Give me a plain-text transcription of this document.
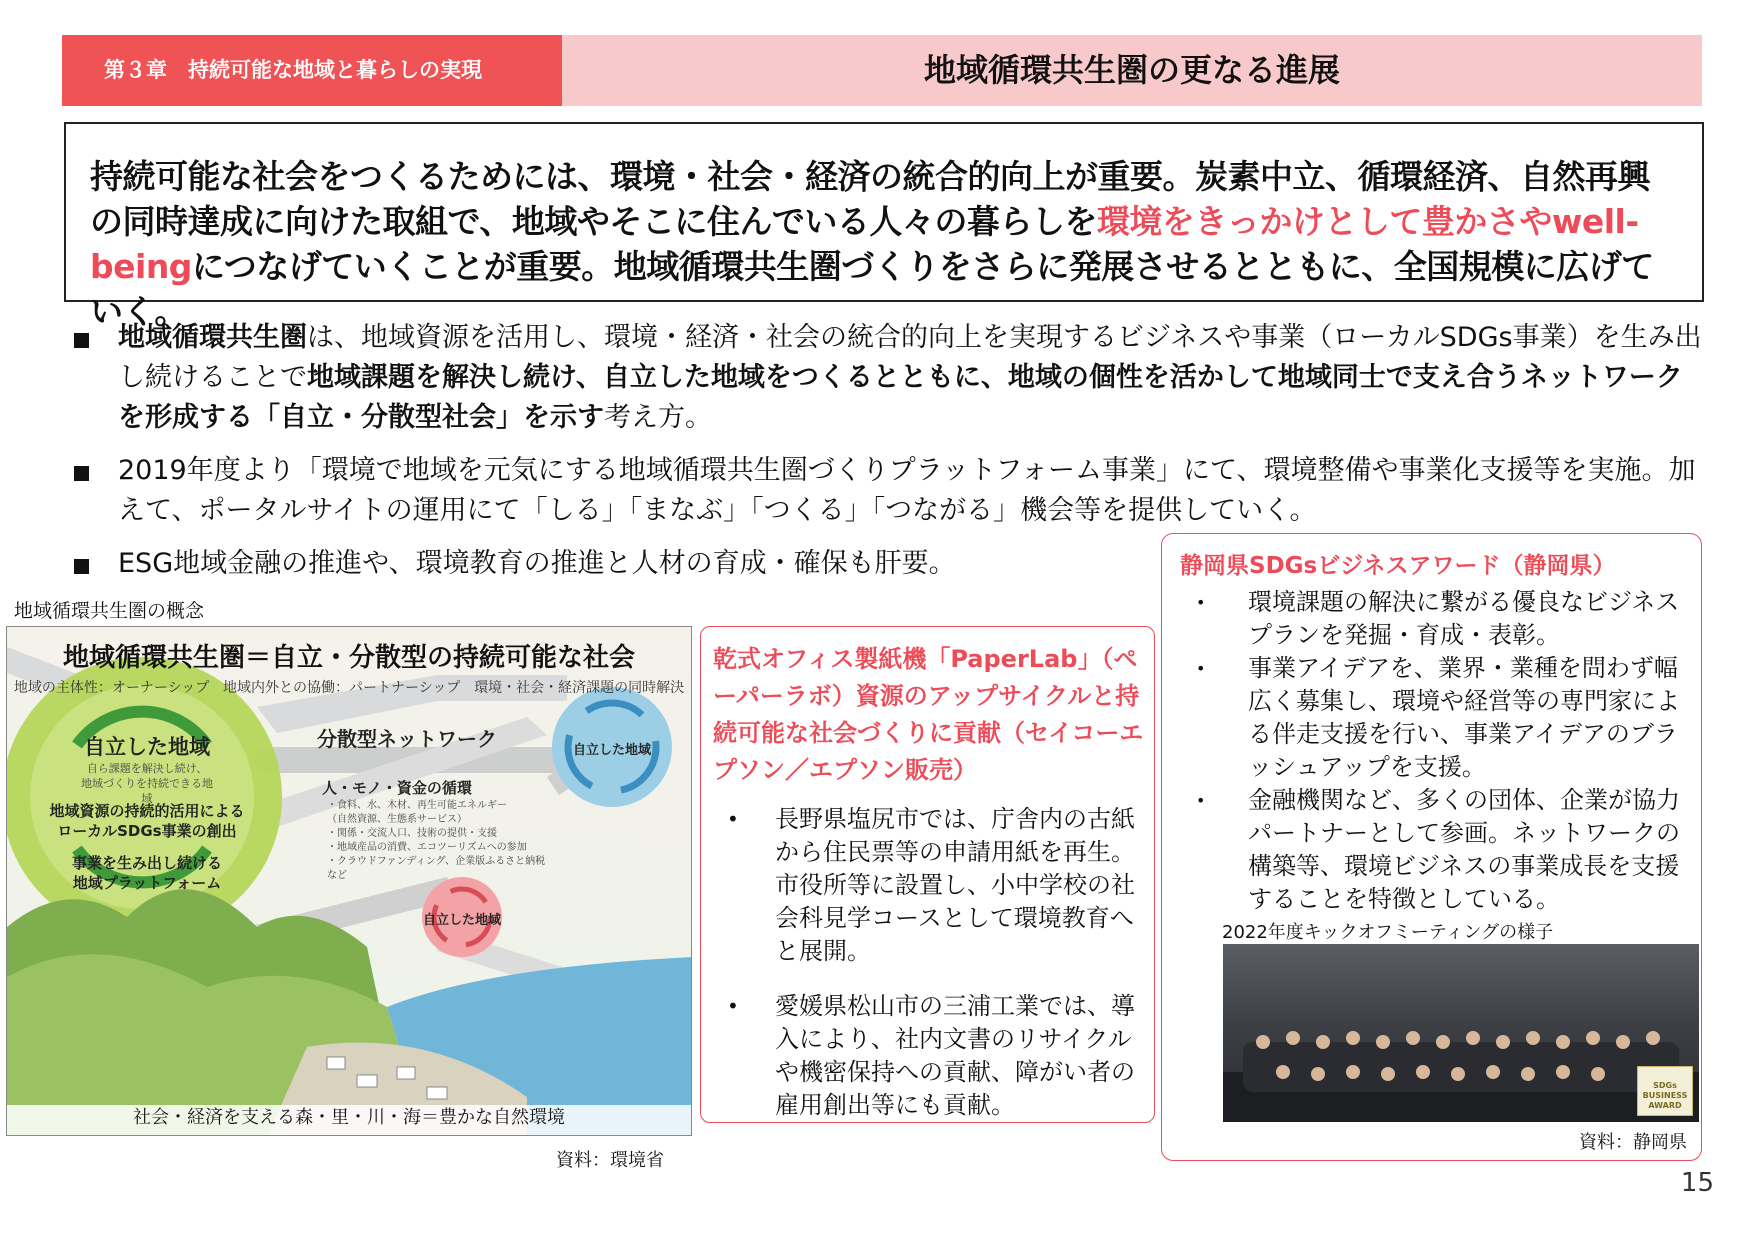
第３章　持続可能な地域と暮らしの実現	地域循環共生圏の更なる進展
持続可能な社会をつくるためには、環境・社会・経済の統合的向上が重要。炭素中立、循環経済、自然再興の同時達成に向けた取組で、地域やそこに住んでいる人々の暮らしを環境をきっかけとして豊かさやwell-beingにつなげていくことが重要。地域循環共生圏づくりをさらに発展させるとともに、全国規模に広げていく。
地域循環共生圏は、地域資源を活用し、環境・経済・社会の統合的向上を実現するビジネスや事業（ローカルSDGs事業）を生み出し続けることで地域課題を解決し続け、自立した地域をつくるとともに、地域の個性を活かして地域同士で支え合うネットワークを形成する「自立・分散型社会」を示す考え方。
2019年度より「環境で地域を元気にする地域循環共生圏づくりプラットフォーム事業」にて、環境整備や事業化支援等を実施。加えて、ポータルサイトの運用にて「しる」「まなぶ」「つくる」「つながる」機会等を提供していく。
ESG地域金融の推進や、環境教育の推進と人材の育成・確保も肝要。
地域循環共生圏の概念
地域循環共生圏＝自立・分散型の持続可能な社会
地域の主体性：オーナーシップ 地域内外との協働：パートナーシップ 環境・社会・経済課題の同時解決
自立した地域
自ら課題を解決し続け、
地域づくりを持続できる地域
地域資源の持続的活用による
ローカルSDGs事業の創出
事業を生み出し続ける
地域プラットフォーム
分散型ネットワーク
人・モノ・資金の循環
・食料、水、木材、再生可能エネルギー
（自然資源、生態系サービス）
・関係・交流人口、技術の提供・支援
・地域産品の消費、エコツーリズムへの参加
・クラウドファンディング、企業版ふるさと納税　など
自立した地域
自立した地域
社会・経済を支える森・里・川・海＝豊かな自然環境
資料：環境省
乾式オフィス製紙機「PaperLab」（ペーパーラボ）資源のアップサイクルと持続可能な社会づくりに貢献（セイコーエプソン／エプソン販売）
• 長野県塩尻市では、庁舎内の古紙から住民票等の申請用紙を再生。市役所等に設置し、小中学校の社会科見学コースとして環境教育へと展開。
• 愛媛県松山市の三浦工業では、導入により、社内文書のリサイクルや機密保持への貢献、障がい者の雇用創出等にも貢献。
静岡県SDGsビジネスアワード（静岡県）
• 環境課題の解決に繋がる優良なビジネスプランを発掘・育成・表彰。
• 事業アイデアを、業界・業種を問わず幅広く募集し、環境や経営等の専門家による伴走支援を行い、事業アイデアのブラッシュアップを支援。
• 金融機関など、多くの団体、企業が協力パートナーとして参画。ネットワークの構築等、環境ビジネスの事業成長を支援することを特徴としている。
2022年度キックオフミーティングの様子
SDGs BUSINESS AWARD
資料：静岡県
15
